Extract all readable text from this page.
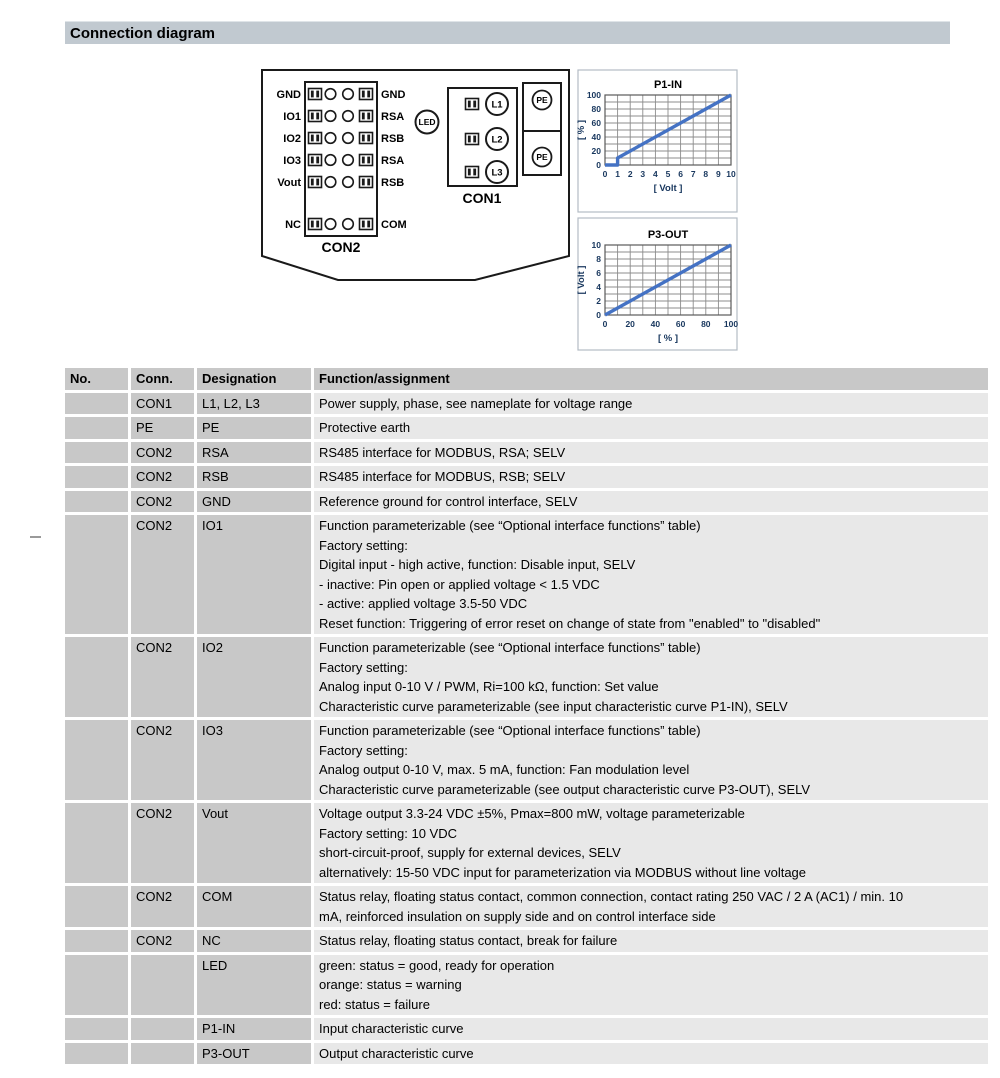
Connection diagram
GND	GND
IO1	RSA
IO2	RSB
IO3	RSA
Vout	RSB
NC	COM
CON2
LED
L1
L2
L3
CON1
PE
PE
P1-IN
0 1 2 3 4 5 6 7 8 9 10
0
20
40
60
80
100
[ Volt ]
[ % ]
P3-OUT
0 20 40 60 80 100
0
2
4
6
8
10
[ % ]
[ Volt ]
No.	Conn.	Designation	Function/assignment
	CON1	L1, L2, L3	Power supply, phase, see nameplate for voltage range

	PE	PE	Protective earth

	CON2	RSA	RS485 interface for MODBUS, RSA; SELV

	CON2	RSB	RS485 interface for MODBUS, RSB; SELV

	CON2	GND	Reference ground for control interface, SELV

	CON2	IO1	Function parameterizable (see “Optional interface functions” table)
Factory setting:
Digital input - high active, function: Disable input, SELV
- inactive: Pin open or applied voltage < 1.5 VDC
- active: applied voltage 3.5-50 VDC
Reset function: Triggering of error reset on change of state from "enabled" to "disabled"

	CON2	IO2	Function parameterizable (see “Optional interface functions” table)
Factory setting:
Analog input 0-10 V / PWM, Ri=100 kΩ, function: Set value
Characteristic curve parameterizable (see input characteristic curve P1-IN), SELV

	CON2	IO3	Function parameterizable (see “Optional interface functions” table)
Factory setting:
Analog output 0-10 V, max. 5 mA, function: Fan modulation level
Characteristic curve parameterizable (see output characteristic curve P3-OUT), SELV

	CON2	Vout	Voltage output 3.3-24 VDC ±5%, Pmax=800 mW, voltage parameterizable
Factory setting: 10 VDC
short-circuit-proof, supply for external devices, SELV
alternatively: 15-50 VDC input for parameterization via MODBUS without line voltage

	CON2	COM	Status relay, floating status contact, common connection, contact rating 250 VAC / 2 A (AC1) / min. 10
mA, reinforced insulation on supply side and on control interface side

	CON2	NC	Status relay, floating status contact, break for failure

		LED	green: status = good, ready for operation
orange: status = warning
red: status = failure

		P1-IN	Input characteristic curve

		P3-OUT	Output characteristic curve
